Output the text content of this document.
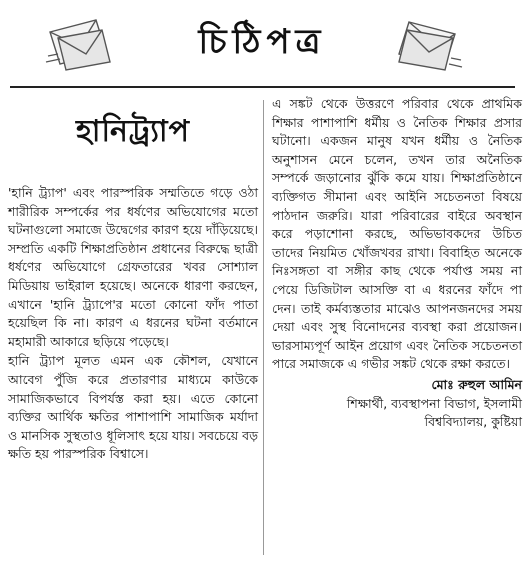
চিঠিপত্র
হানিট্র্যাপ

'হানি ট্র্যাপ' এবং পারস্পরিক সম্মতিতে গড়ে ওঠা শারীরিক সম্পর্কের পর ধর্ষণের অভিযোগের মতো ঘটনাগুলো সমাজে উদ্বেগের কারণ হয়ে দাঁড়িয়েছে। সম্প্রতি একটি শিক্ষাপ্রতিষ্ঠান প্রধানের বিরুদ্ধে ছাত্রী ধর্ষণের অভিযোগে গ্রেফতারের খবর সোশ্যাল মিডিয়ায় ভাইরাল হয়েছে। অনেকে ধারণা করছেন, এখানে 'হানি ট্র্যাপে'র মতো কোনো ফাঁদ পাতা হয়েছিল কি না। কারণ এ ধরনের ঘটনা বর্তমানে মহামারী আকারে ছড়িয়ে পড়েছে।

হানি ট্র্যাপ মূলত এমন এক কৌশল, যেখানে আবেগ পুঁজি করে প্রতারণার মাধ্যমে কাউকে সামাজিকভাবে বিপর্যস্ত করা হয়। এতে কোনো ব্যক্তির আর্থিক ক্ষতির পাশাপাশি সামাজিক মর্যাদা ও মানসিক সুস্থতাও ধূলিসাৎ হয়ে যায়। সবচেয়ে বড় ক্ষতি হয় পারস্পরিক বিশ্বাসে।

এ সঙ্কট থেকে উত্তরণে পরিবার থেকে প্রাথমিক শিক্ষার পাশাপাশি ধর্মীয় ও নৈতিক শিক্ষার প্রসার ঘটানো। একজন মানুষ যখন ধর্মীয় ও নৈতিক অনুশাসন মেনে চলেন, তখন তার অনৈতিক সম্পর্কে জড়ানোর ঝুঁকি কমে যায়। শিক্ষাপ্রতিষ্ঠানে ব্যক্তিগত সীমানা এবং আইনি সচেতনতা বিষয়ে পাঠদান জরুরি। যারা পরিবারের বাইরে অবস্থান করে পড়াশোনা করছে, অভিভাবকদের উচিত তাদের নিয়মিত খোঁজখবর রাখা। বিবাহিত অনেকে নিঃসঙ্গতা বা সঙ্গীর কাছ থেকে পর্যাপ্ত সময় না পেয়ে ডিজিটাল আসক্তি বা এ ধরনের ফাঁদে পা দেন। তাই কর্মব্যস্ততার মাঝেও আপনজনদের সময় দেয়া এবং সুস্থ বিনোদনের ব্যবস্থা করা প্রয়োজন। ভারসাম্যপূর্ণ আইন প্রয়োগ এবং নৈতিক সচেতনতা পারে সমাজকে এ গভীর সঙ্কট থেকে রক্ষা করতে।

মোঃ রুহুল আমিন
শিক্ষার্থী, ব্যবস্থাপনা বিভাগ, ইসলামী
বিশ্ববিদ্যালয়, কুষ্টিয়া
